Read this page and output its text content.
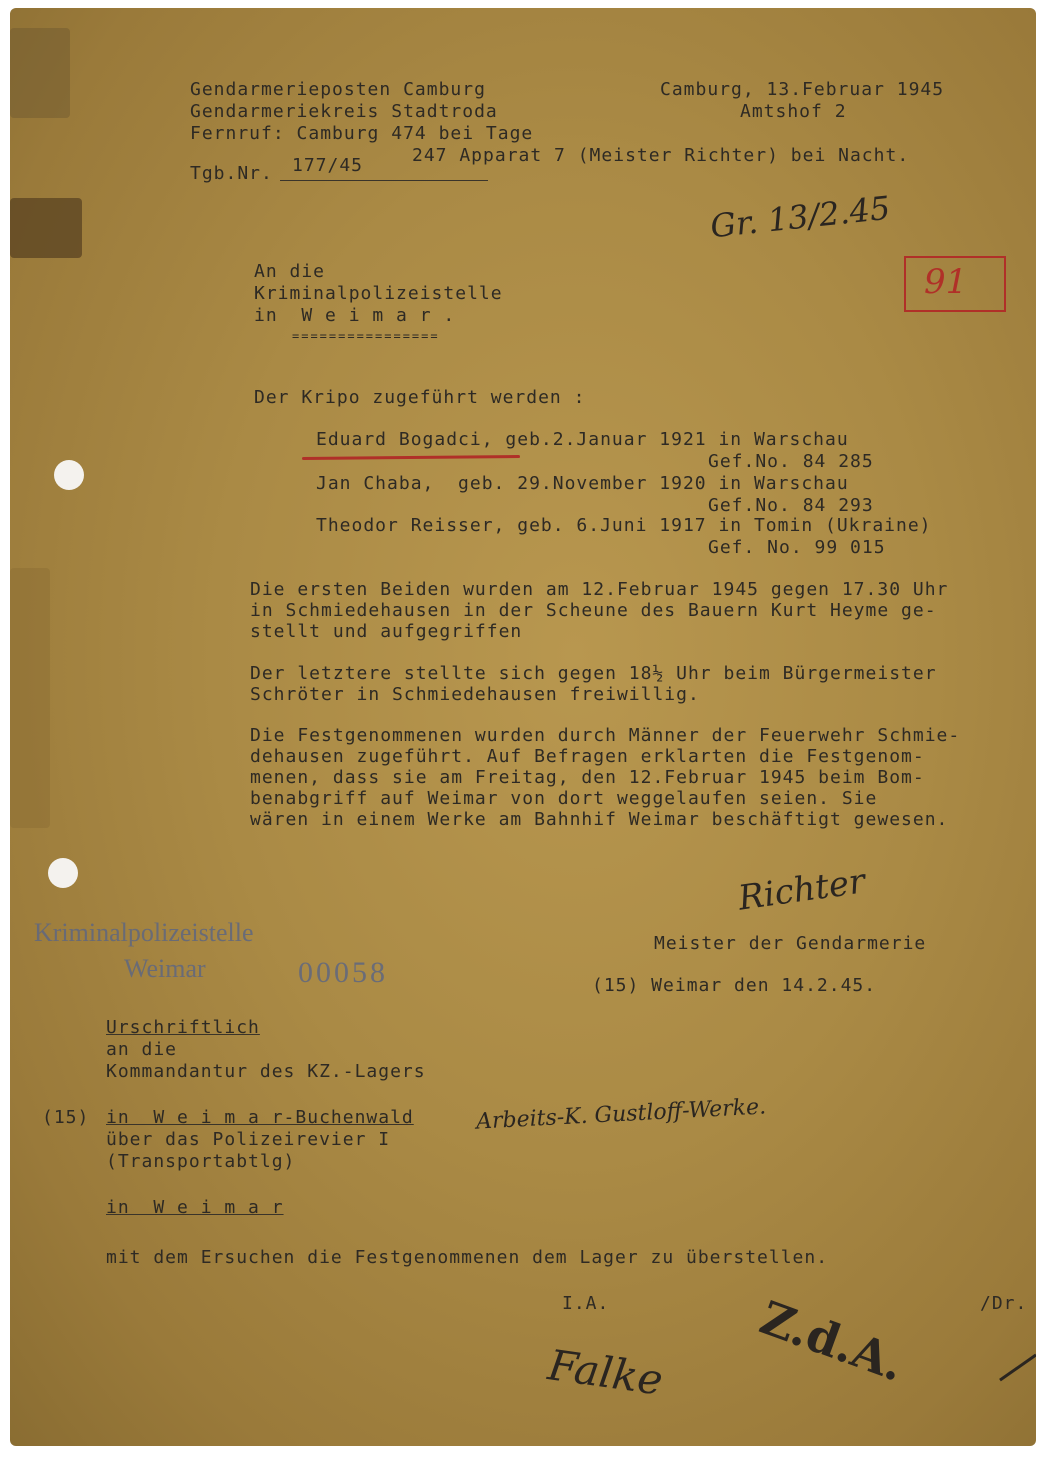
Gendarmerieposten Camburg
Gendarmeriekreis Stadtroda
Fernruf: Camburg 474 bei Tage
247 Apparat 7 (Meister Richter) bei Nacht.
Camburg, 13.Februar 1945
Amtshof 2
Tgb.Nr. 177/45
Gr. 13/2.45
91
An die
Kriminalpolizeistelle
in  W e i m a r .
================
Der Kripo zugeführt werden :
Eduard Bogadci, geb.2.Januar 1921 in Warschau
Gef.No. 84 285
Jan Chaba,  geb. 29.November 1920 in Warschau
Gef.No. 84 293
Theodor Reisser, geb. 6.Juni 1917 in Tomin (Ukraine)
Gef. No. 99 015
Die ersten Beiden wurden am 12.Februar 1945 gegen 17.30 Uhr
in Schmiedehausen in der Scheune des Bauern Kurt Heyme ge-
stellt und aufgegriffen
Der letztere stellte sich gegen 18½ Uhr beim Bürgermeister
Schröter in Schmiedehausen freiwillig.
Die Festgenommenen wurden durch Männer der Feuerwehr Schmie-
dehausen zugeführt. Auf Befragen erklarten die Festgenom-
menen, dass sie am Freitag, den 12.Februar 1945 beim Bom-
benabgriff auf Weimar von dort weggelaufen seien. Sie
wären in einem Werke am Bahnhif Weimar beschäftigt gewesen.
Richter
Meister der Gendarmerie
Kriminalpolizeistelle
Weimar	00058	(15) Weimar den 14.2.45.
Urschriftlich
an die
Kommandantur des KZ.-Lagers
(15) in  W e i m a r-Buchenwald	Arbeits-K. Gustloff-Werke.
über das Polizeirevier I
(Transportabtlg)
in  W e i m a r
mit dem Ersuchen die Festgenommenen dem Lager zu überstellen.
I.A.
Falke Z.d.A.	/Dr.
